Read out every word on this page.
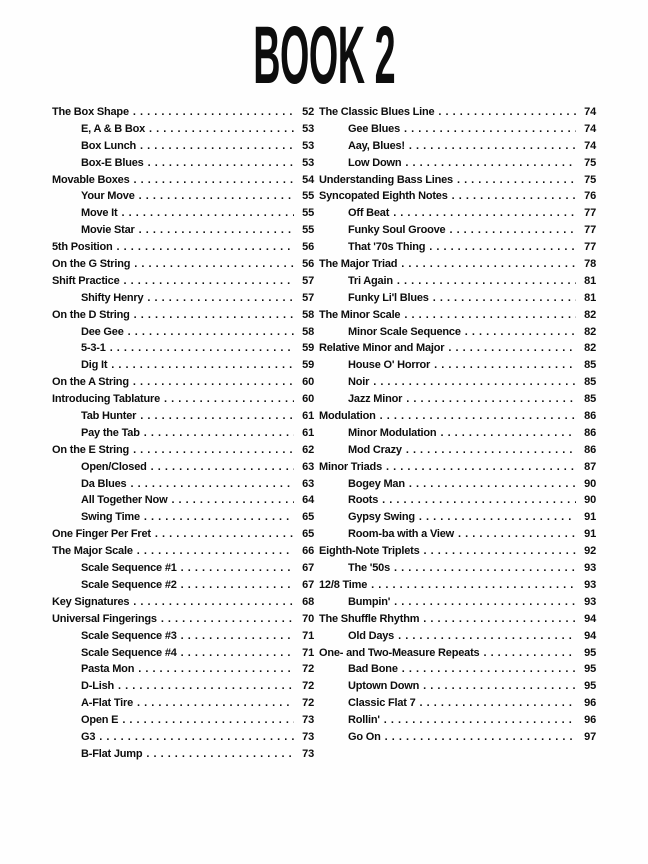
BOOK 2
The Box Shape . . .	52
E, A & B Box . . .	53
Box Lunch . . .	53
Box-E Blues . . .	53
Movable Boxes . . .	54
Your Move . . .	55
Move It . . .	55
Movie Star . . .	55
5th Position . . .	56
On the G String . . .	56
Shift Practice . . .	57
Shifty Henry . . .	57
On the D String . . .	58
Dee Gee . . .	58
5-3-1 . . .	59
Dig It . . .	59
On the A String . . .	60
Introducing Tablature . . .	60
Tab Hunter . . .	61
Pay the Tab . . .	61
On the E String . . .	62
Open/Closed . . .	63
Da Blues . . .	63
All Together Now . . .	64
Swing Time . . .	65
One Finger Per Fret . . .	65
The Major Scale . . .	66
Scale Sequence #1 . . .	67
Scale Sequence #2 . . .	67
Key Signatures . . .	68
Universal Fingerings . . .	70
Scale Sequence #3 . . .	71
Scale Sequence #4 . . .	71
Pasta Mon . . .	72
D-Lish . . .	72
A-Flat Tire . . .	72
Open E . . .	73
G3 . . .	73
B-Flat Jump . . .	73
The Classic Blues Line . . .	74
Gee Blues . . .	74
Aay, Blues! . . .	74
Low Down . . .	75
Understanding Bass Lines . . .	75
Syncopated Eighth Notes . . .	76
Off Beat . . .	77
Funky Soul Groove . . .	77
That '70s Thing . . .	77
The Major Triad . . .	78
Tri Again . . .	81
Funky Li'l Blues . . .	81
The Minor Scale . . .	82
Minor Scale Sequence . . .	82
Relative Minor and Major . . .	82
House O' Horror . . .	85
Noir . . .	85
Jazz Minor . . .	85
Modulation . . .	86
Minor Modulation . . .	86
Mod Crazy . . .	86
Minor Triads . . .	87
Bogey Man . . .	90
Roots . . .	90
Gypsy Swing . . .	91
Room-ba with a View . . .	91
Eighth-Note Triplets . . .	92
The '50s . . .	93
12/8 Time . . .	93
Bumpin' . . .	93
The Shuffle Rhythm . . .	94
Old Days . . .	94
One- and Two-Measure Repeats . . .	95
Bad Bone . . .	95
Uptown Down . . .	95
Classic Flat 7 . . .	96
Rollin' . . .	96
Go On . . .	97
